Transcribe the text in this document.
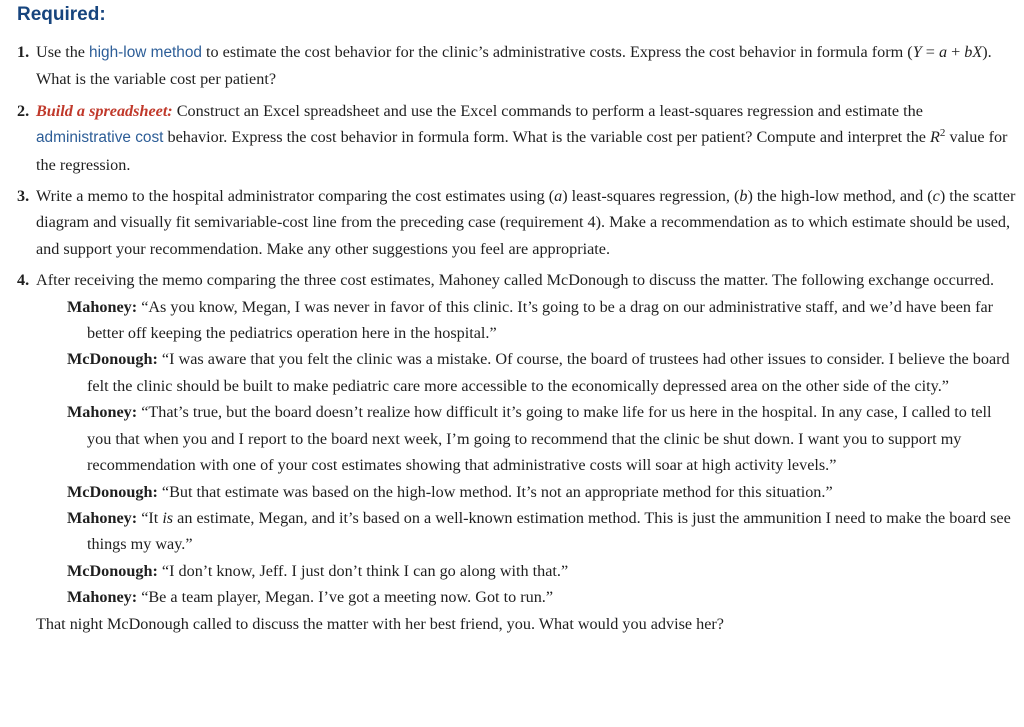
Required:

1. Use the high-low method to estimate the cost behavior for the clinic’s administrative costs. Express the cost behavior in formula form (Y = a + bX). What is the variable cost per patient?

2. Build a spreadsheet: Construct an Excel spreadsheet and use the Excel commands to perform a least-squares regression and estimate the administrative cost behavior. Express the cost behavior in formula form. What is the variable cost per patient? Compute and interpret the $R^2$ value for the regression.

3. Write a memo to the hospital administrator comparing the cost estimates using (a) least-squares regression, (b) the high-low method, and (c) the scatter diagram and visually fit semivariable-cost line from the preceding case (requirement 4). Make a recommendation as to which estimate should be used, and support your recommendation. Make any other suggestions you feel are appropriate.

4. After receiving the memo comparing the three cost estimates, Mahoney called McDonough to discuss the matter. The following exchange occurred.
Mahoney: “As you know, Megan, I was never in favor of this clinic. It’s going to be a drag on our administrative staff, and we’d have been far better off keeping the pediatrics operation here in the hospital.”
McDonough: “I was aware that you felt the clinic was a mistake. Of course, the board of trustees had other issues to consider. I believe the board felt the clinic should be built to make pediatric care more accessible to the economically depressed area on the other side of the city.”
Mahoney: “That’s true, but the board doesn’t realize how difficult it’s going to make life for us here in the hospital. In any case, I called to tell you that when you and I report to the board next week, I’m going to recommend that the clinic be shut down. I want you to support my recommendation with one of your cost estimates showing that administrative costs will soar at high activity levels.”
McDonough: “But that estimate was based on the high-low method. It’s not an appropriate method for this situation.”
Mahoney: “It is an estimate, Megan, and it’s based on a well-known estimation method. This is just the ammunition I need to make the board see things my way.”
McDonough: “I don’t know, Jeff. I just don’t think I can go along with that.”
Mahoney: “Be a team player, Megan. I’ve got a meeting now. Got to run.”
That night McDonough called to discuss the matter with her best friend, you. What would you advise her?
